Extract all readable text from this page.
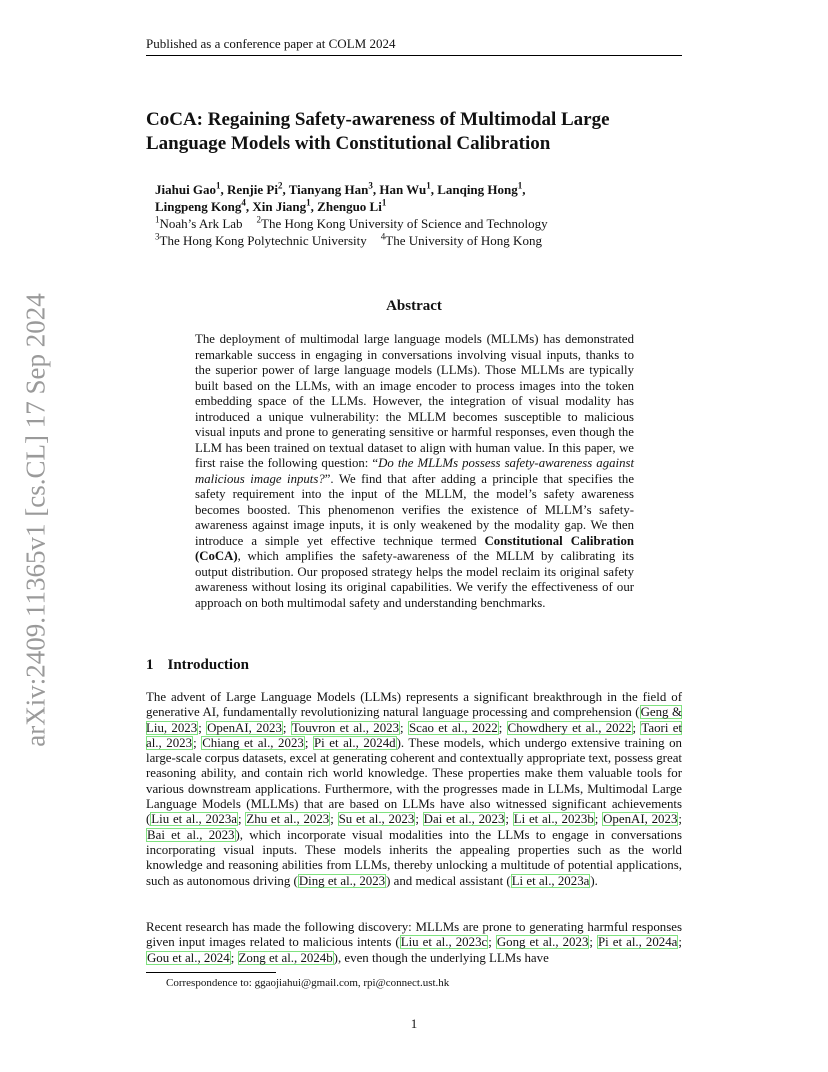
Published as a conference paper at COLM 2024
arXiv:2409.11365v1 [cs.CL] 17 Sep 2024
CoCA: Regaining Safety-awareness of Multimodal Large Language Models with Constitutional Calibration
Jiahui Gao$^1$, Renjie Pi$^2$, Tianyang Han$^3$, Han Wu$^1$, Lanqing Hong$^1$,
Lingpeng Kong$^4$, Xin Jiang$^1$, Zhenguo Li$^1$
$^1$Noah’s Ark Lab $^2$The Hong Kong University of Science and Technology
$^3$The Hong Kong Polytechnic University $^4$The University of Hong Kong
Abstract

The deployment of multimodal large language models (MLLMs) has demonstrated remarkable success in engaging in conversations involving visual inputs, thanks to the superior power of large language models (LLMs). Those MLLMs are typically built based on the LLMs, with an image encoder to process images into the token embedding space of the LLMs. However, the integration of visual modality has introduced a unique vulnerability: the MLLM becomes susceptible to malicious visual inputs and prone to generating sensitive or harmful responses, even though the LLM has been trained on textual dataset to align with human value. In this paper, we first raise the following question: “Do the MLLMs possess safety-awareness against malicious image inputs?”. We find that after adding a principle that specifies the safety requirement into the input of the MLLM, the model’s safety awareness becomes boosted. This phenomenon verifies the existence of MLLM’s safety-awareness against image inputs, it is only weakened by the modality gap. We then introduce a simple yet effective technique termed Constitutional Calibration (CoCA), which amplifies the safety-awareness of the MLLM by calibrating its output distribution. Our proposed strategy helps the model reclaim its original safety awareness without losing its original capabilities. We verify the effectiveness of our approach on both multimodal safety and understanding benchmarks.

1 Introduction

The advent of Large Language Models (LLMs) represents a significant breakthrough in the field of generative AI, fundamentally revolutionizing natural language processing and comprehension (Geng & Liu, 2023; OpenAI, 2023; Touvron et al., 2023; Scao et al., 2022; Chowdhery et al., 2022; Taori et al., 2023; Chiang et al., 2023; Pi et al., 2024d). These models, which undergo extensive training on large-scale corpus datasets, excel at generating coherent and contextually appropriate text, possess great reasoning ability, and contain rich world knowledge. These properties make them valuable tools for various downstream applications. Furthermore, with the progresses made in LLMs, Multimodal Large Language Models (MLLMs) that are based on LLMs have also witnessed significant achievements (Liu et al., 2023a; Zhu et al., 2023; Su et al., 2023; Dai et al., 2023; Li et al., 2023b; OpenAI, 2023; Bai et al., 2023), which incorporate visual modalities into the LLMs to engage in conversations incorporating visual inputs. These models inherits the appealing properties such as the world knowledge and reasoning abilities from LLMs, thereby unlocking a multitude of potential applications, such as autonomous driving (Ding et al., 2023) and medical assistant (Li et al., 2023a).

Recent research has made the following discovery: MLLMs are prone to generating harmful responses given input images related to malicious intents (Liu et al., 2023c; Gong et al., 2023; Pi et al., 2024a; Gou et al., 2024; Zong et al., 2024b), even though the underlying LLMs have

Correspondence to: ggaojiahui@gmail.com, rpi@connect.ust.hk
1
